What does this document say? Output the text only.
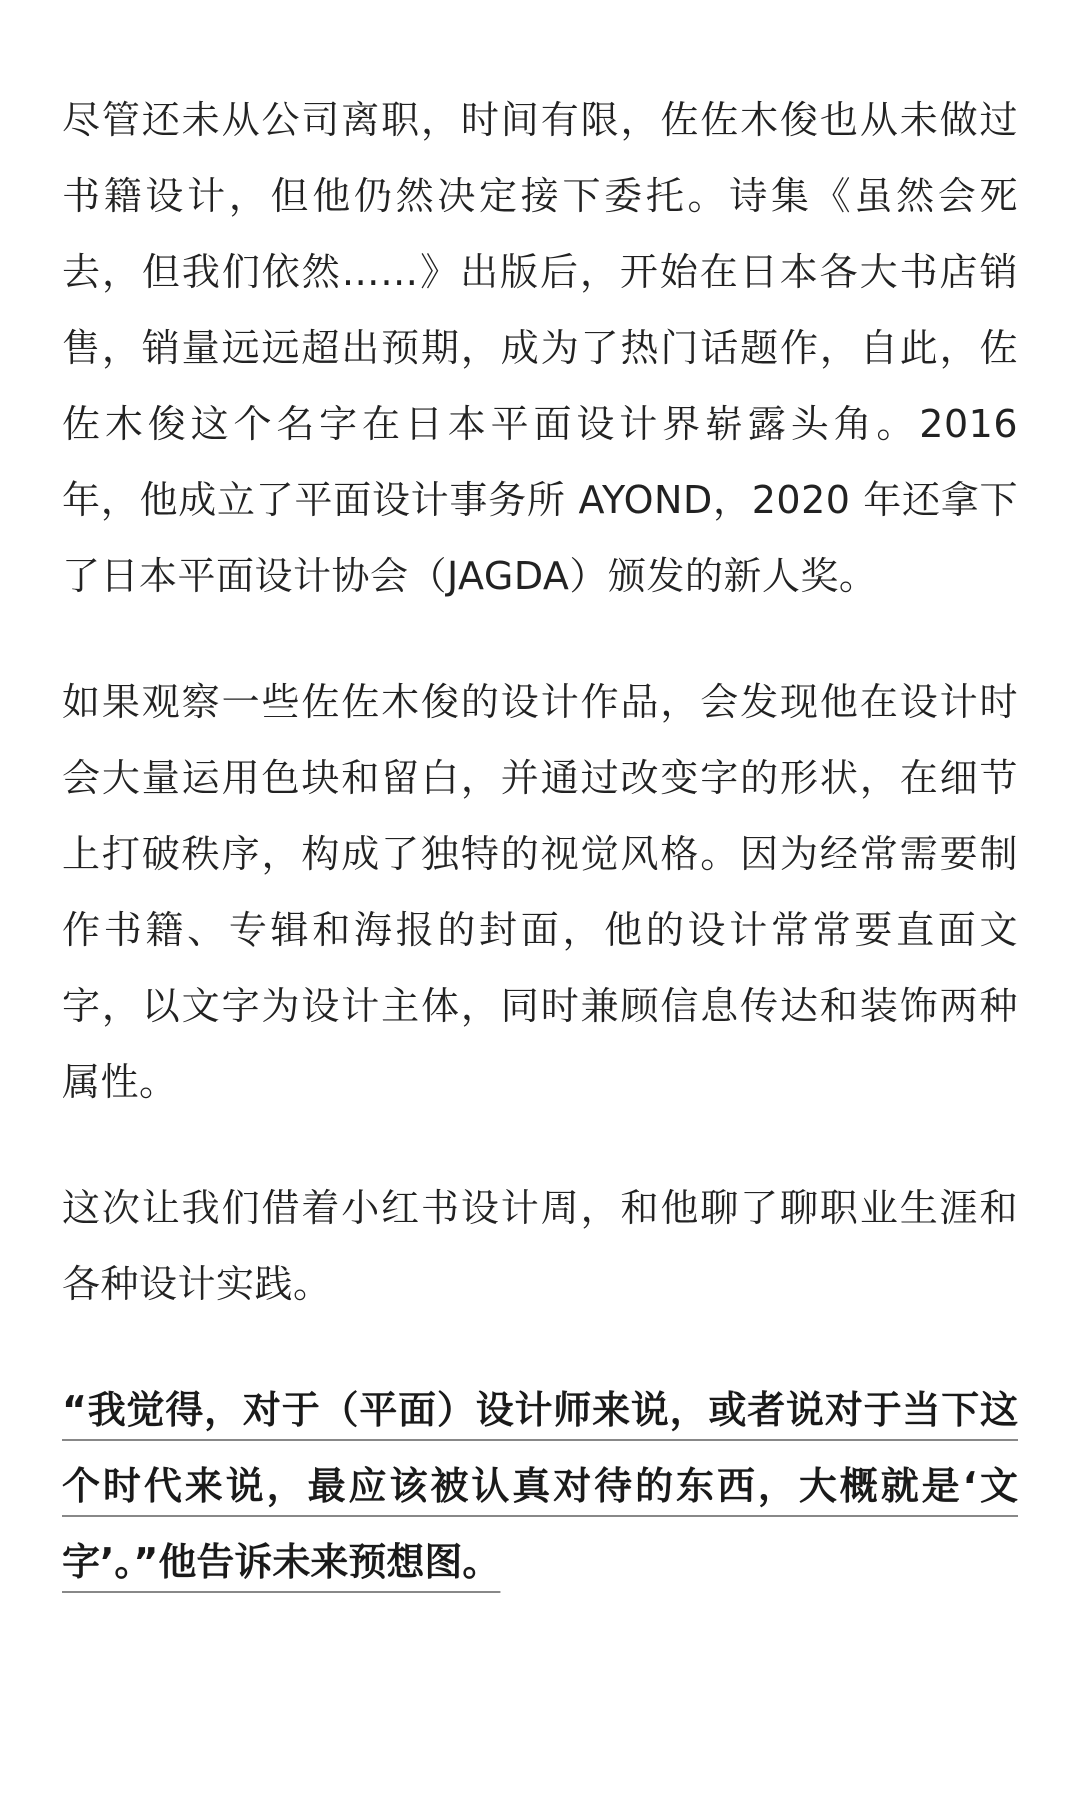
尽管还未从公司离职，时间有限，佐佐木俊也从未做过书籍设计，但他仍然决定接下委托。诗集《虽然会死去，但我们依然……》出版后，开始在日本各大书店销售，销量远远超出预期，成为了热门话题作，自此，佐佐木俊这个名字在日本平面设计界崭露头角。2016 年，他成立了平面设计事务所 AYOND，2020 年还拿下了日本平面设计协会（JAGDA）颁发的新人奖。

如果观察一些佐佐木俊的设计作品，会发现他在设计时会大量运用色块和留白，并通过改变字的形状，在细节上打破秩序，构成了独特的视觉风格。因为经常需要制作书籍、专辑和海报的封面，他的设计常常要直面文字，以文字为设计主体，同时兼顾信息传达和装饰两种属性。

这次让我们借着小红书设计周，和他聊了聊职业生涯和各种设计实践。

“我觉得，对于（平面）设计师来说，或者说对于当下这个时代来说，最应该被认真对待的东西，大概就是‘文字’。”他告诉未来预想图。
